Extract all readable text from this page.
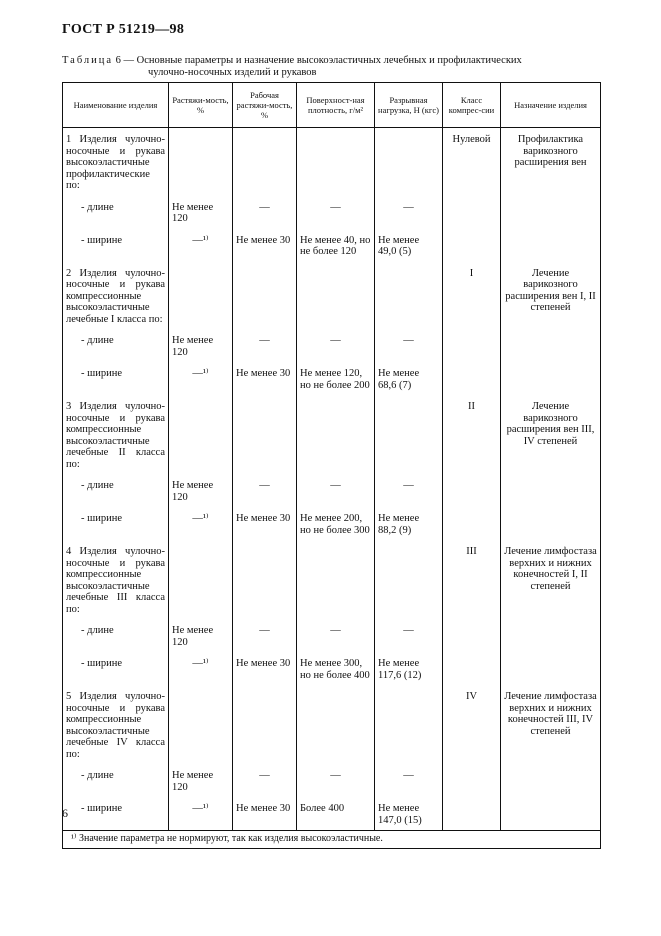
ГОСТ Р 51219—98
Таблица 6 — Основные параметры и назначение высокоэластичных лечебных и профилактических
чулочно-носочных изделий и рукавов
Наименование изделия	Растяжи-мость, %	Рабочая растяжи-мость, %	Поверхност-ная плотность, г/м²	Разрывная нагрузка, Н (кгс)	Класс компрес-сии	Назначение изделия
1 Изделия чулочно-носочные и рукава высокоэластичные профилактические по:					Нулевой	Профилактика варикозного расширения вен
- длине	Не менее 120	—	—	—		
- ширине	—¹⁾	Не менее 30	Не менее 40, но не более 120	Не менее 49,0 (5)		
2 Изделия чулочно-носочные и рукава компрессионные высокоэластичные лечебные I класса по:					I	Лечение варикозного расширения вен I, II степеней
- длине	Не менее 120	—	—	—		
- ширине	—¹⁾	Не менее 30	Не менее 120, но не более 200	Не менее 68,6 (7)		
3 Изделия чулочно-носочные и рукава компрессионные высокоэластичные лечебные II класса по:					II	Лечение варикозного расширения вен III, IV степеней
- длине	Не менее 120	—	—	—		
- ширине	—¹⁾	Не менее 30	Не менее 200, но не более 300	Не менее 88,2 (9)		
4 Изделия чулочно-носочные и рукава компрессионные высокоэластичные лечебные III класса по:					III	Лечение лимфостаза верхних и нижних конечностей I, II степеней
- длине	Не менее 120	—	—	—		
- ширине	—¹⁾	Не менее 30	Не менее 300, но не более 400	Не менее 117,6 (12)		
5 Изделия чулочно-носочные и рукава компрессионные высокоэластичные лечебные IV класса по:					IV	Лечение лимфостаза верхних и нижних конечностей III, IV степеней
- длине	Не менее 120	—	—	—		
- ширине	—¹⁾	Не менее 30	Более 400	Не менее 147,0 (15)		
¹⁾ Значение параметра не нормируют, так как изделия высокоэластичные.						
6
